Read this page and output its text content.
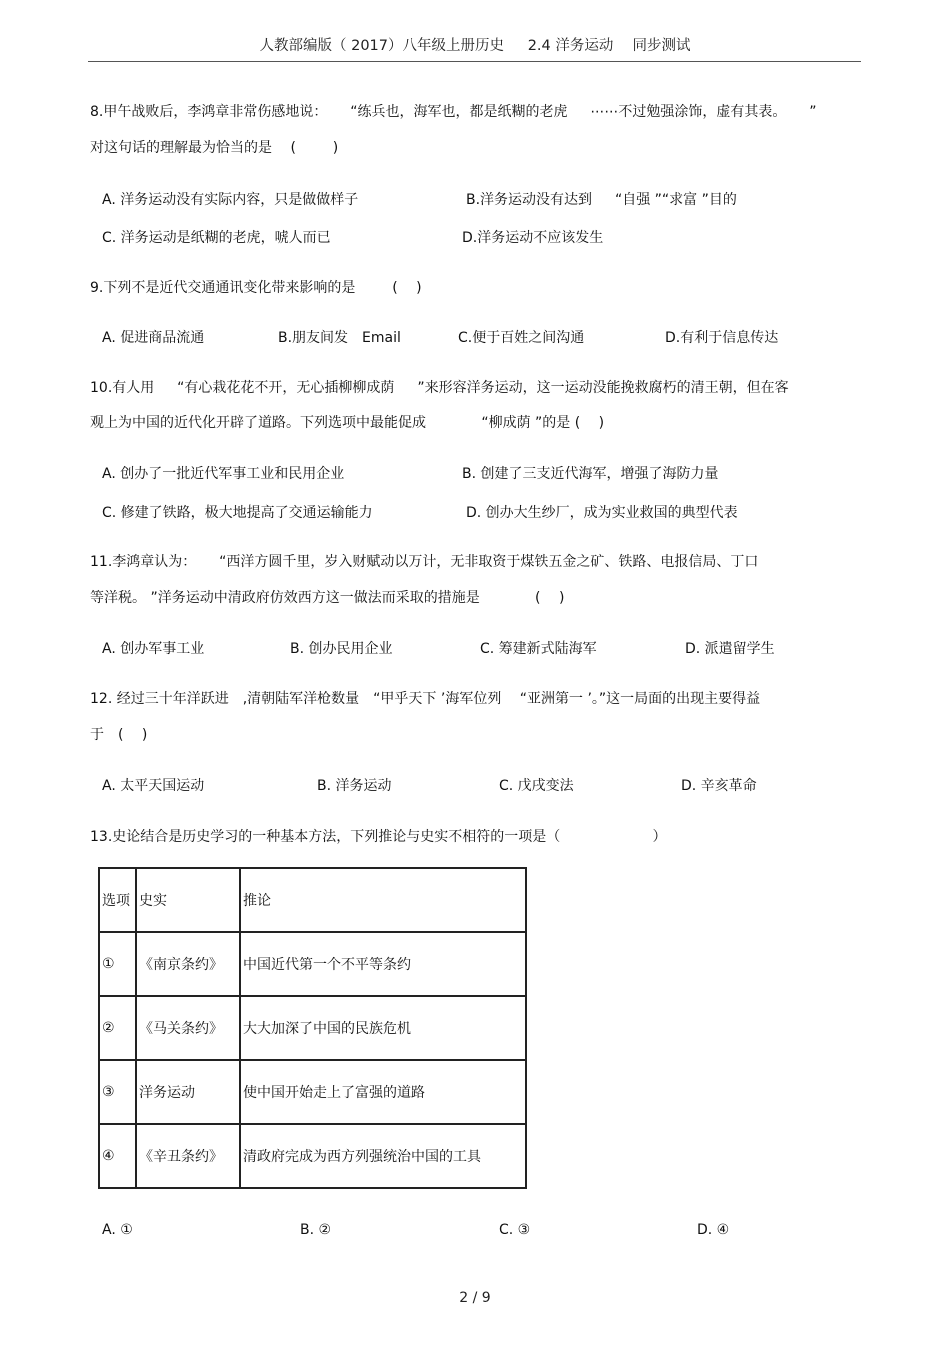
人教部编版（ 2017）八年级上册历史 　 2.4 洋务运动　 同步测试
8.甲午战败后，李鸿章非常伤感地说： 　 “练兵也，海军也，都是纸糊的老虎 　 ⋯⋯不过勉强涂饰，虚有其表。 　 ”
对这句话的理解最为恰当的是　 (　 　 )
A. 洋务运动没有实际内容，只是做做样子	B.洋务运动没有达到 　 “自强 ”“求富 ”目的
C. 洋务运动是纸糊的老虎，唬人而已	D.洋务运动不应该发生
9.下列不是近代交通通讯变化带来影响的是　 　 (　 )
A. 促进商品流通	B.朋友间发　Email	C.便于百姓之间沟通	D.有利于信息传达
10.有人用 　 “有心栽花花不开，无心插柳柳成荫 　 ”来形容洋务运动，这一运动没能挽救腐朽的清王朝，但在客
观上为中国的近代化开辟了道路。下列选项中最能促成　 　 　 “柳成荫 ”的是 (　 )
A. 创办了一批近代军事工业和民用企业	B. 创建了三支近代海军，增强了海防力量
C. 修建了铁路，极大地提高了交通运输能力	D. 创办大生纱厂，成为实业救国的典型代表
11.李鸿章认为： 　 “西洋方圆千里，岁入财赋动以万计，无非取资于煤铁五金之矿、铁路、电报信局、丁口
等洋税。 ”洋务运动中清政府仿效西方这一做法而采取的措施是　 　 　 (　 )
A. 创办军事工业	B. 创办民用企业	C. 筹建新式陆海军	D. 派遣留学生
12. 经过三十年洋跃进　,清朝陆军洋枪数量　“甲乎天下 ’海军位列 　“亚洲第一 ’。”这一局面的出现主要得益
于　(　 )
A. 太平天国运动	B. 洋务运动	C. 戊戌变法	D. 辛亥革命
13.史论结合是历史学习的一种基本方法，下列推论与史实不相符的一项是（　 　 　 　 　 ）
选项	史实	推论
①	《南京条约》	中国近代第一个不平等条约
②	《马关条约》	大大加深了中国的民族危机
③	洋务运动	使中国开始走上了富强的道路
④	《辛丑条约》	清政府完成为西方列强统治中国的工具
A. ①	B. ②	C. ③	D. ④
2 / 9
